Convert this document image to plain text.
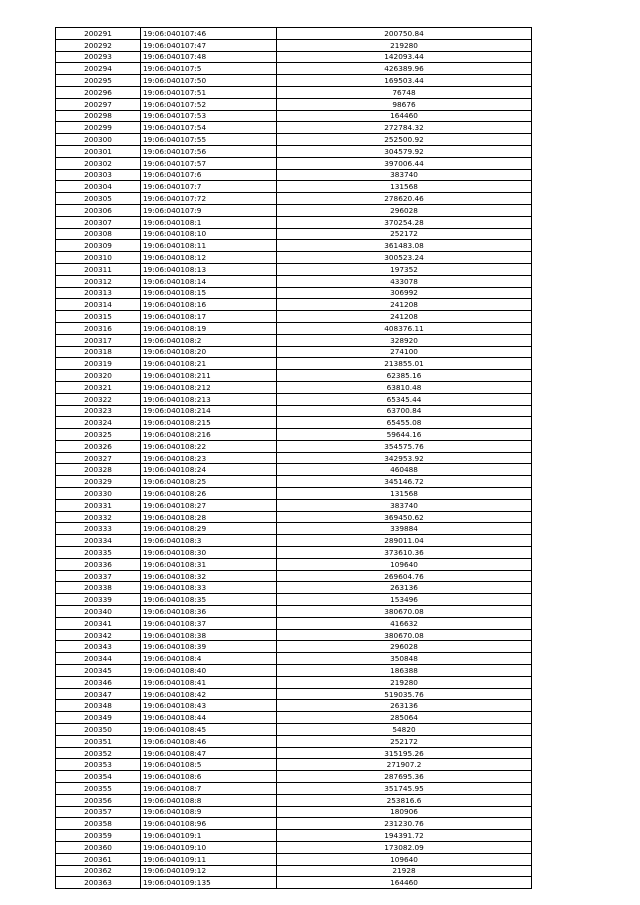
200291	19:06:040107:46	200750.84
200292	19:06:040107:47	219280
200293	19:06:040107:48	142093.44
200294	19:06:040107:5	426389.96
200295	19:06:040107:50	169503.44
200296	19:06:040107:51	76748
200297	19:06:040107:52	98676
200298	19:06:040107:53	164460
200299	19:06:040107:54	272784.32
200300	19:06:040107:55	252500.92
200301	19:06:040107:56	304579.92
200302	19:06:040107:57	397006.44
200303	19:06:040107:6	383740
200304	19:06:040107:7	131568
200305	19:06:040107:72	278620.46
200306	19:06:040107:9	296028
200307	19:06:040108:1	370254.28
200308	19:06:040108:10	252172
200309	19:06:040108:11	361483.08
200310	19:06:040108:12	300523.24
200311	19:06:040108:13	197352
200312	19:06:040108:14	433078
200313	19:06:040108:15	306992
200314	19:06:040108:16	241208
200315	19:06:040108:17	241208
200316	19:06:040108:19	408376.11
200317	19:06:040108:2	328920
200318	19:06:040108:20	274100
200319	19:06:040108:21	213855.01
200320	19:06:040108:211	62385.16
200321	19:06:040108:212	63810.48
200322	19:06:040108:213	65345.44
200323	19:06:040108:214	63700.84
200324	19:06:040108:215	65455.08
200325	19:06:040108:216	59644.16
200326	19:06:040108:22	354575.76
200327	19:06:040108:23	342953.92
200328	19:06:040108:24	460488
200329	19:06:040108:25	345146.72
200330	19:06:040108:26	131568
200331	19:06:040108:27	383740
200332	19:06:040108:28	369450.62
200333	19:06:040108:29	339884
200334	19:06:040108:3	289011.04
200335	19:06:040108:30	373610.36
200336	19:06:040108:31	109640
200337	19:06:040108:32	269604.76
200338	19:06:040108:33	263136
200339	19:06:040108:35	153496
200340	19:06:040108:36	380670.08
200341	19:06:040108:37	416632
200342	19:06:040108:38	380670.08
200343	19:06:040108:39	296028
200344	19:06:040108:4	350848
200345	19:06:040108:40	186388
200346	19:06:040108:41	219280
200347	19:06:040108:42	519035.76
200348	19:06:040108:43	263136
200349	19:06:040108:44	285064
200350	19:06:040108:45	54820
200351	19:06:040108:46	252172
200352	19:06:040108:47	315195.26
200353	19:06:040108:5	271907.2
200354	19:06:040108:6	287695.36
200355	19:06:040108:7	351745.95
200356	19:06:040108:8	253816.6
200357	19:06:040108:9	180906
200358	19:06:040108:96	231230.76
200359	19:06:040109:1	194391.72
200360	19:06:040109:10	173082.09
200361	19:06:040109:11	109640
200362	19:06:040109:12	21928
200363	19:06:040109:135	164460
